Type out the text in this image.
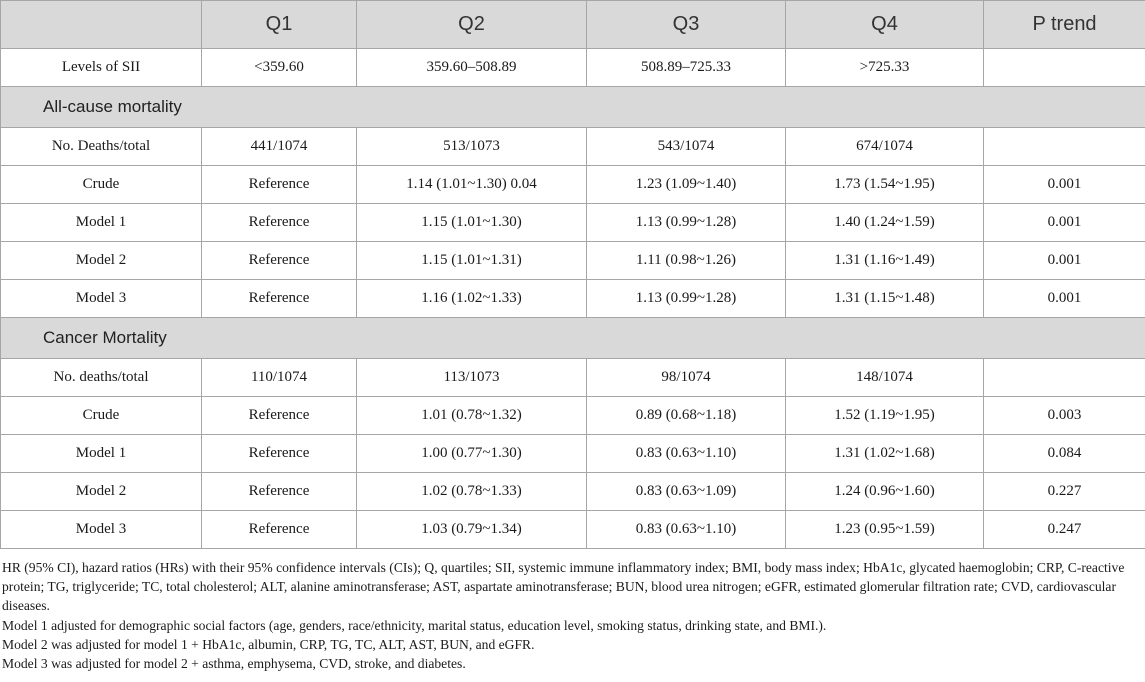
	Q1	Q2	Q3	Q4	P trend
Levels of SII	<359.60	359.60–508.89	508.89–725.33	>725.33	
All-cause mortality					
No. Deaths/total	441/1074	513/1073	543/1074	674/1074	
Crude	Reference	1.14 (1.01~1.30) 0.04	1.23 (1.09~1.40)	1.73 (1.54~1.95)	0.001
Model 1	Reference	1.15 (1.01~1.30)	1.13 (0.99~1.28)	1.40 (1.24~1.59)	0.001
Model 2	Reference	1.15 (1.01~1.31)	1.11 (0.98~1.26)	1.31 (1.16~1.49)	0.001
Model 3	Reference	1.16 (1.02~1.33)	1.13 (0.99~1.28)	1.31 (1.15~1.48)	0.001
Cancer Mortality					
No. deaths/total	110/1074	113/1073	98/1074	148/1074	
Crude	Reference	1.01 (0.78~1.32)	0.89 (0.68~1.18)	1.52 (1.19~1.95)	0.003
Model 1	Reference	1.00 (0.77~1.30)	0.83 (0.63~1.10)	1.31 (1.02~1.68)	0.084
Model 2	Reference	1.02 (0.78~1.33)	0.83 (0.63~1.09)	1.24 (0.96~1.60)	0.227
Model 3	Reference	1.03 (0.79~1.34)	0.83 (0.63~1.10)	1.23 (0.95~1.59)	0.247

HR (95% CI), hazard ratios (HRs) with their 95% confidence intervals (CIs); Q, quartiles; SII, systemic immune inflammatory index; BMI, body mass index; HbA1c, glycated haemoglobin; CRP, C-reactive protein; TG, triglyceride; TC, total cholesterol; ALT, alanine aminotransferase; AST, aspartate aminotransferase; BUN, blood urea nitrogen; eGFR, estimated glomerular filtration rate; CVD, cardiovascular diseases.

Model 1 adjusted for demographic social factors (age, genders, race/ethnicity, marital status, education level, smoking status, drinking state, and BMI.).

Model 2 was adjusted for model 1 + HbA1c, albumin, CRP, TG, TC, ALT, AST, BUN, and eGFR.

Model 3 was adjusted for model 2 + asthma, emphysema, CVD, stroke, and diabetes.
